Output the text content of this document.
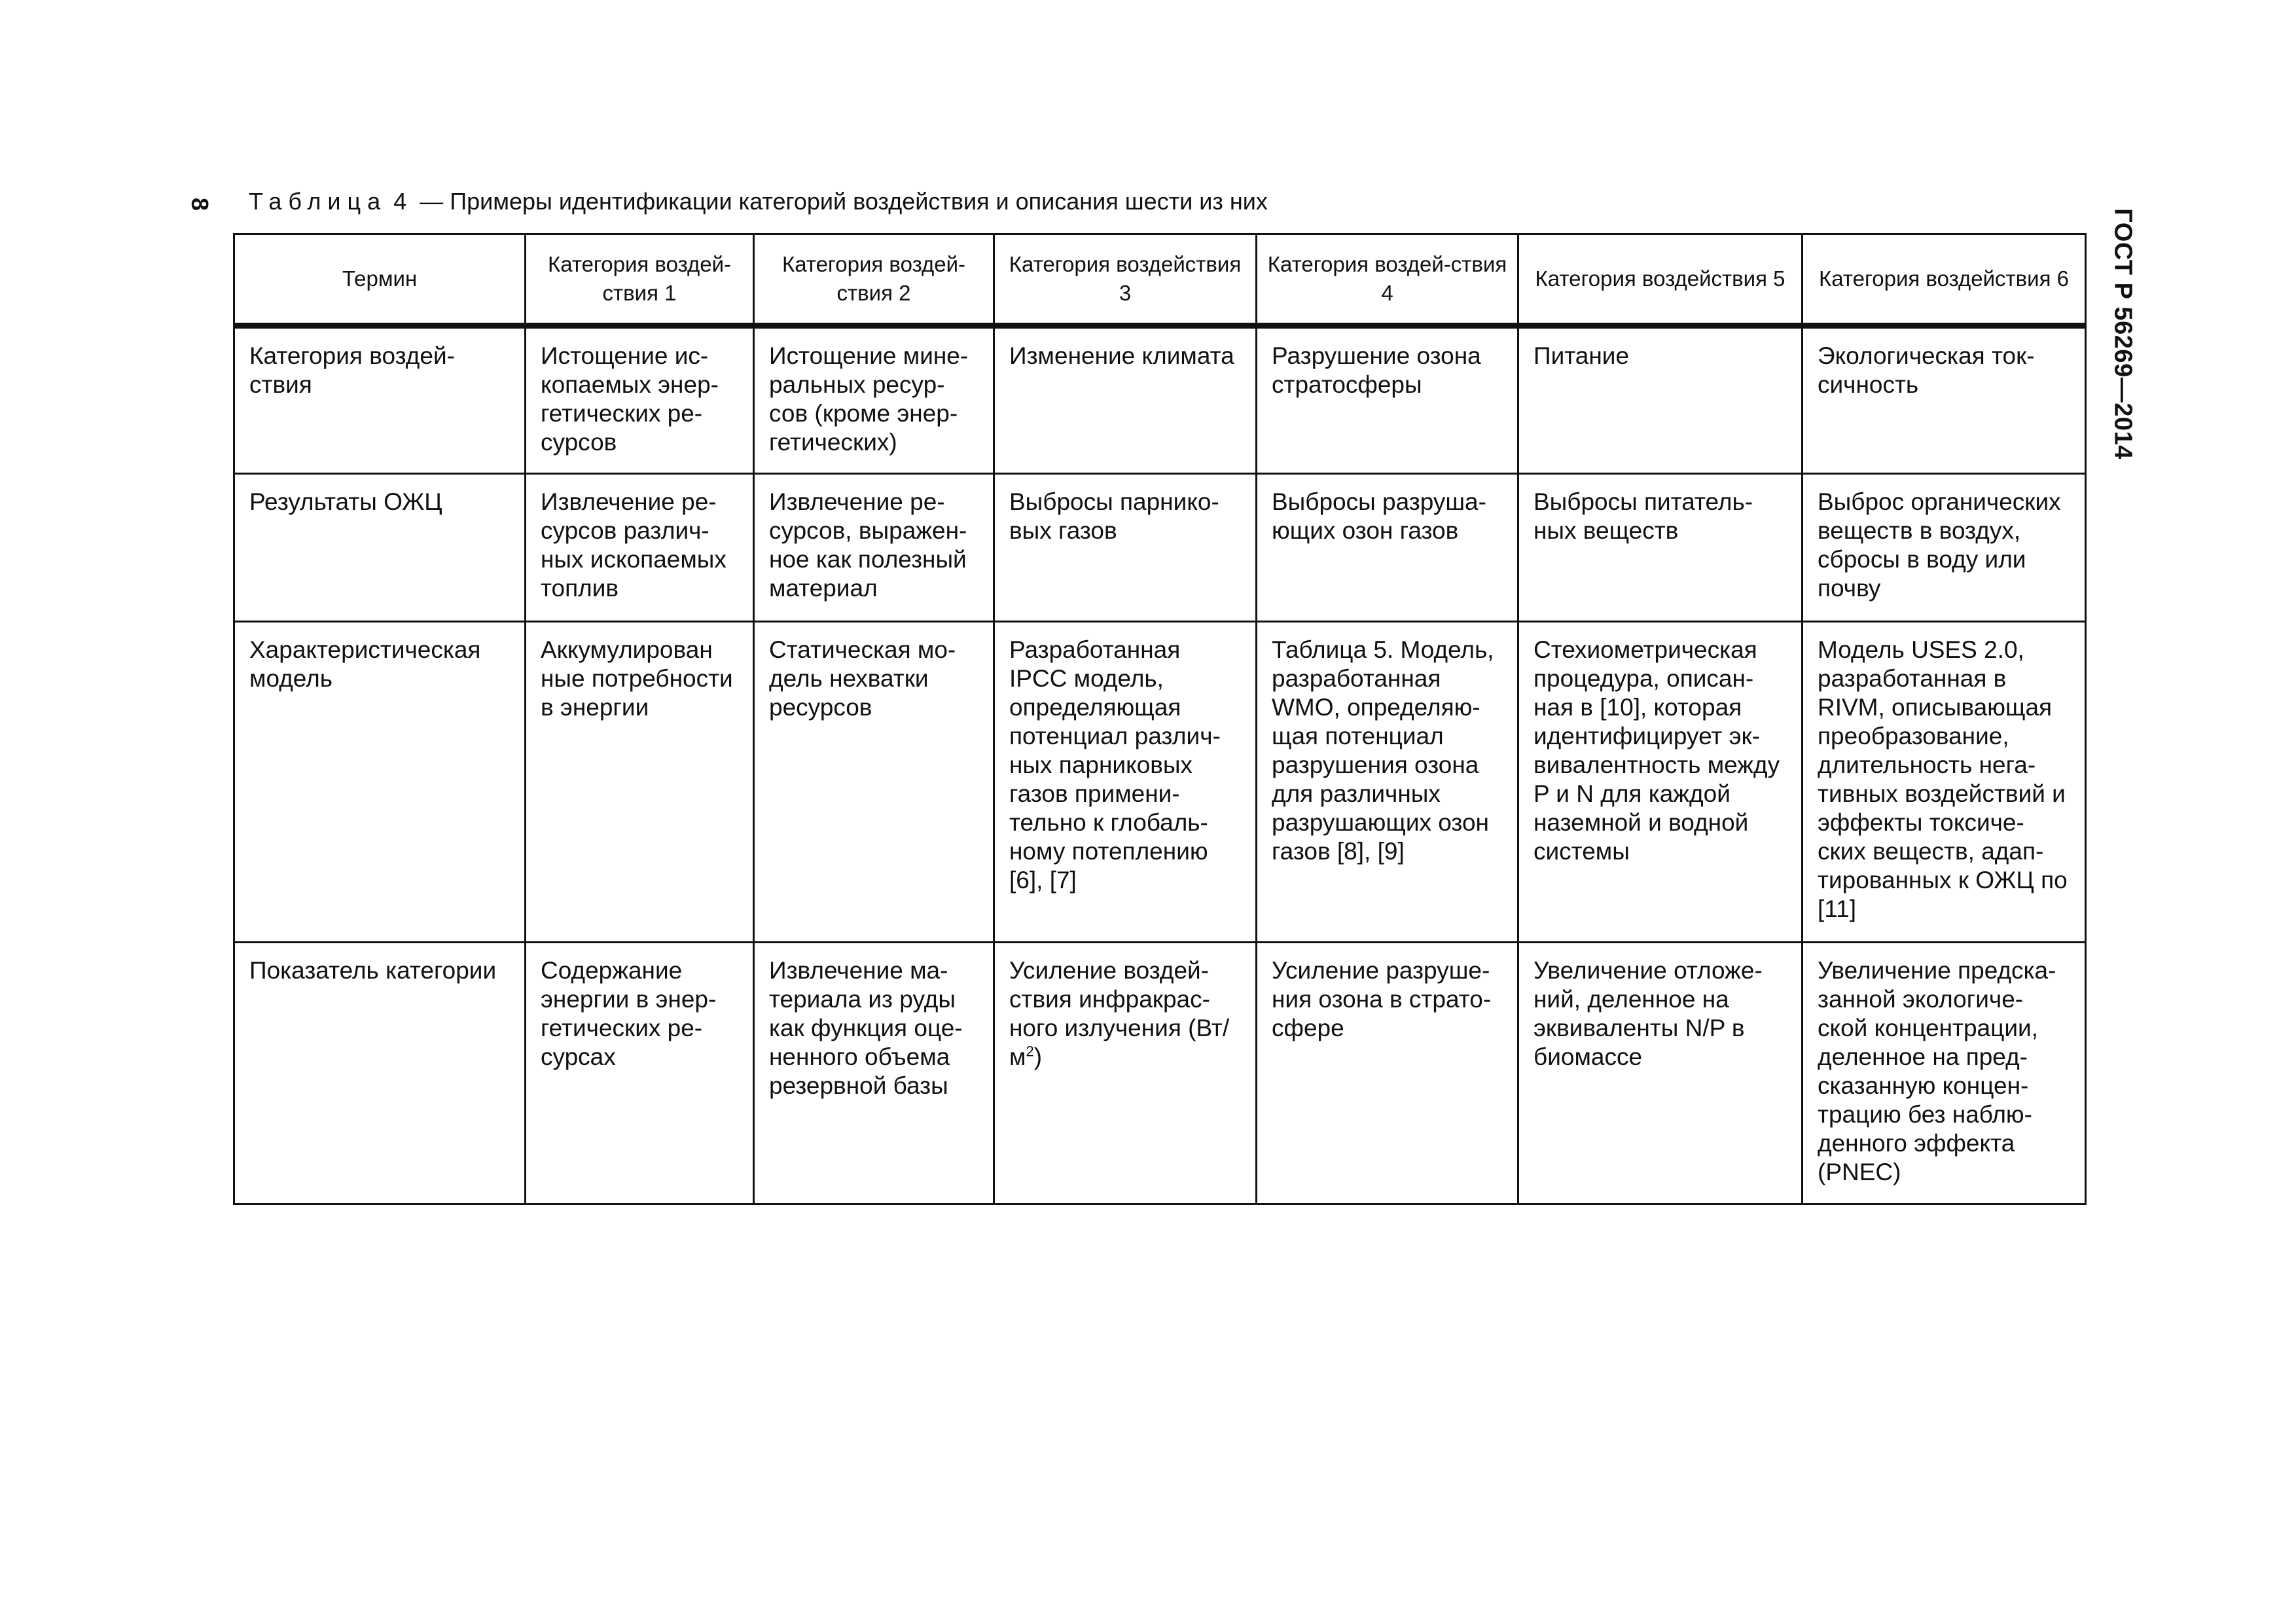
8
ГОСТ Р 56269—2014
Таблица 4 — Примеры идентификации категорий воздействия и описания шести из них
Термин	Категория воздей-ствия 1	Категория воздей-ствия 2	Категория воздействия 3	Категория воздей-ствия 4	Категория воздействия 5	Категория воздействия 6
Категория воздей-ствия	Истощение ис-копаемых энер-гетических ре-сурсов	Истощение мине-ральных ресур-сов (кроме энер-гетических)	Изменение климата	Разрушение озона стратосферы	Питание	Экологическая ток-сичность
Результаты ОЖЦ	Извлечение ре-сурсов различ-ных ископаемых топлив	Извлечение ре-сурсов, выражен-ное как полезный материал	Выбросы парнико-вых газов	Выбросы разруша-ющих озон газов	Выбросы питатель-ных веществ	Выброс органических веществ в воздух, сбросы в воду или почву
Характеристическая модель	Аккумулирован ные потребности в энергии	Статическая мо-дель нехватки ресурсов	Разработанная IPCC модель, определяющая потенциал различ-ных парниковых газов примени-тельно к глобаль-ному потеплению [6], [7]	Таблица 5. Модель, разработанная WMO, определяю-щая потенциал разрушения озона для различных разрушающих озон газов [8], [9]	Стехиометрическая процедура, описан-ная в [10], которая идентифицирует эк-вивалентность между P и N для каждой наземной и водной системы	Модель USES 2.0, разработанная в RIVM, описывающая преобразование, длительность нега-тивных воздействий и эффекты токсиче-ских веществ, адап-тированных к ОЖЦ по [11]
Показатель категории	Содержание энергии в энер-гетических ре-сурсах	Извлечение ма-териала из руды как функция оце-ненного объема резервной базы	Усиление воздей-ствия инфракрас-ного излучения $(Вт/м^2)$	Усиление разруше-ния озона в страто-сфере	Увеличение отложе-ний, деленное на эквиваленты N/P в биомассе	Увеличение предска-занной экологиче-ской концентрации, деленное на пред-сказанную концен-трацию без наблю-денного эффекта (PNEC)
